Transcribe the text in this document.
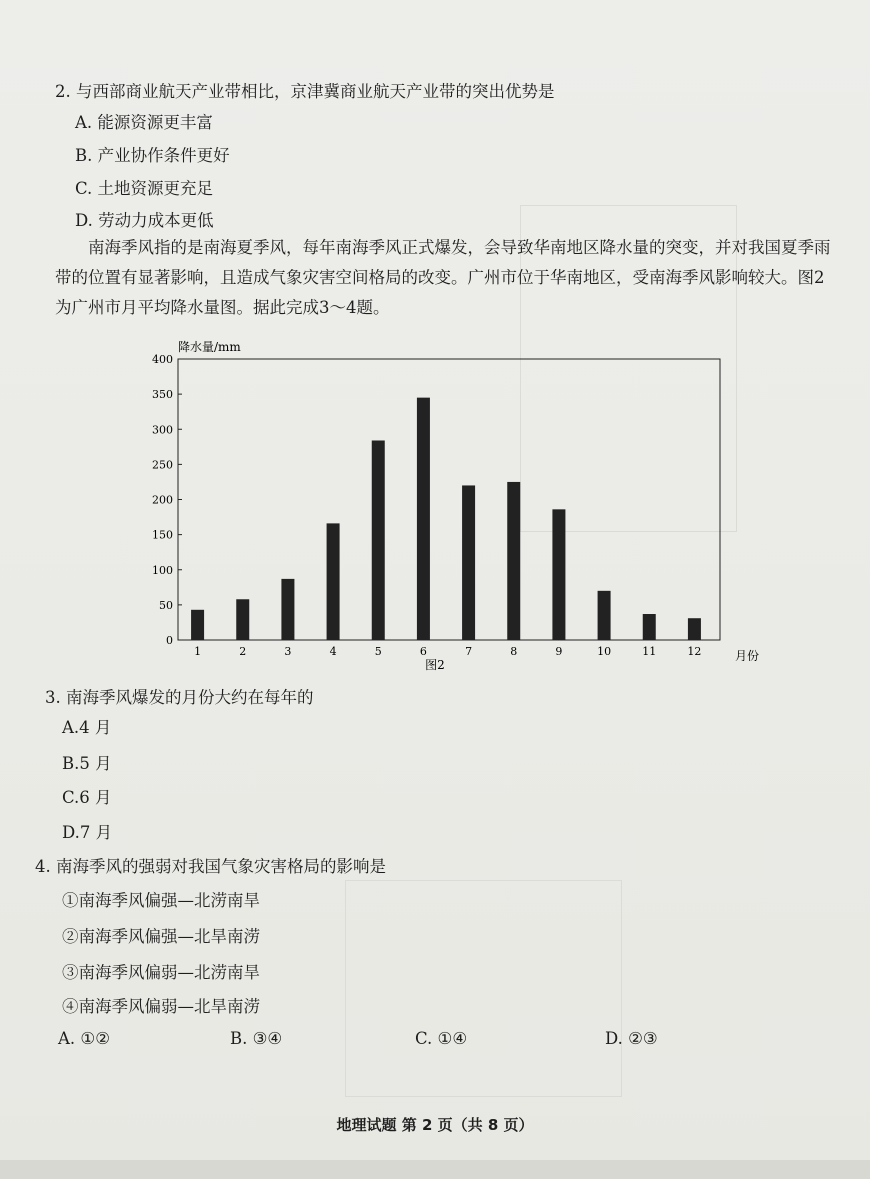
2. 与西部商业航天产业带相比，京津冀商业航天产业带的突出优势是
A. 能源资源更丰富
B. 产业协作条件更好
C. 土地资源更充足
D. 劳动力成本更低
南海季风指的是南海夏季风，每年南海季风正式爆发，会导致华南地区降水量的突变，并对我国夏季雨带的位置有显著影响，且造成气象灾害空间格局的改变。广州市位于华南地区，受南海季风影响较大。图2为广州市月平均降水量图。据此完成3～4题。
降水量/mm
0
50
100
150
200
250
300
350
400
1	2	3	4	5	6	7	8	9	10	11	12	月份
图2
3. 南海季风爆发的月份大约在每年的
A.4 月
B.5 月
C.6 月
D.7 月
4. 南海季风的强弱对我国气象灾害格局的影响是
①南海季风偏强—北涝南旱
②南海季风偏强—北旱南涝
③南海季风偏弱—北涝南旱
④南海季风偏弱—北旱南涝
A. ①②	B. ③④	C. ①④	D. ②③
地理试题 第 2 页（共 8 页）
